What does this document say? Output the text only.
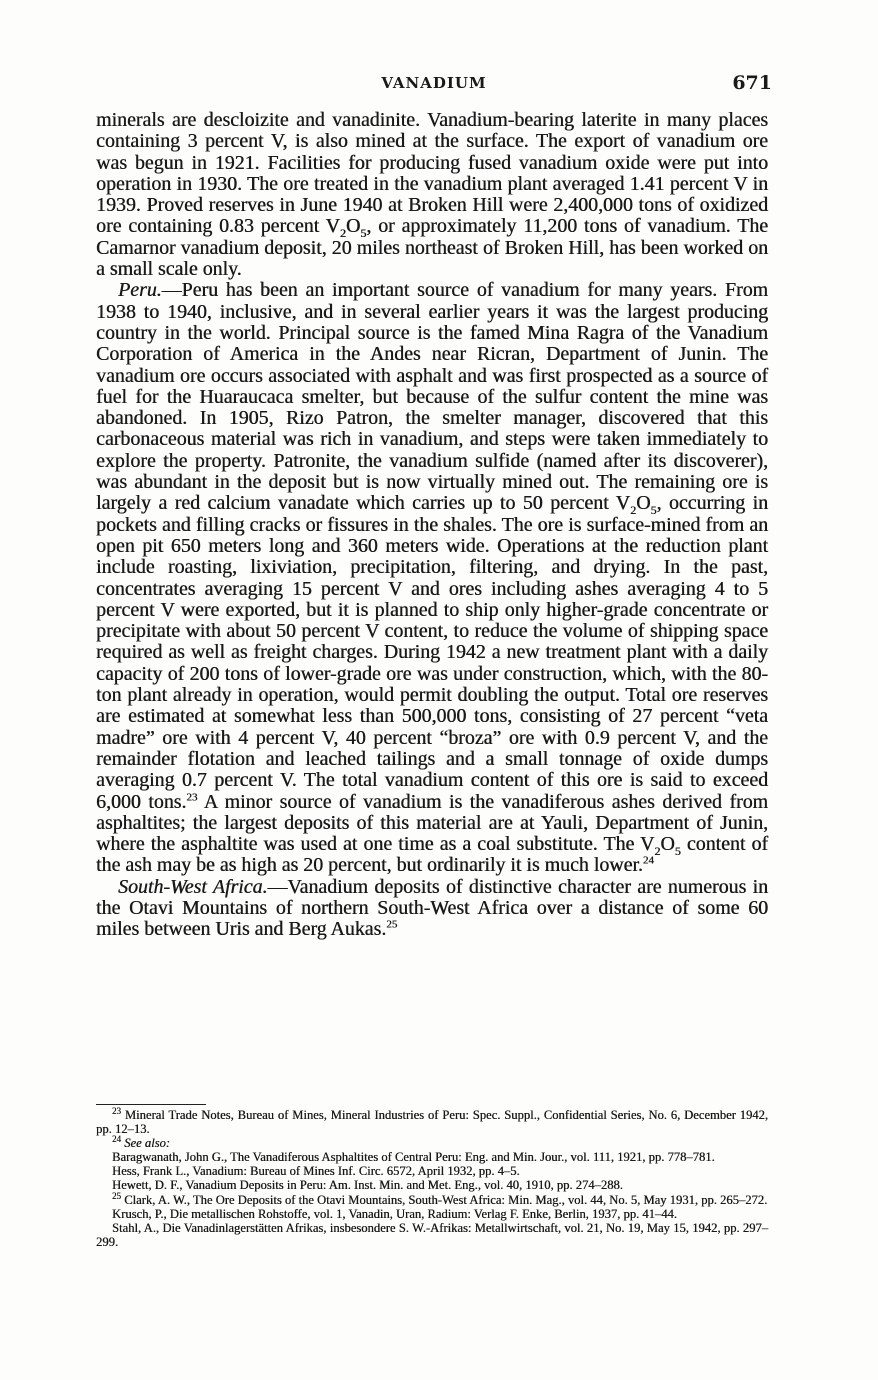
VANADIUM	671

minerals are descloizite and vanadinite. Vanadium-bearing laterite in many places containing 3 percent V, is also mined at the surface. The export of vanadium ore was begun in 1921. Facilities for producing fused vanadium oxide were put into operation in 1930. The ore treated in the vanadium plant averaged 1.41 percent V in 1939. Proved reserves in June 1940 at Broken Hill were 2,400,000 tons of oxidized ore containing 0.83 percent $V_2O_5$, or approximately 11,200 tons of vanadium. The Camarnor vanadium deposit, 20 miles northeast of Broken Hill, has been worked on a small scale only.

Peru.—Peru has been an important source of vanadium for many years. From 1938 to 1940, inclusive, and in several earlier years it was the largest producing country in the world. Principal source is the famed Mina Ragra of the Vanadium Corporation of America in the Andes near Ricran, Department of Junin. The vanadium ore occurs associated with asphalt and was first prospected as a source of fuel for the Huaraucaca smelter, but because of the sulfur content the mine was abandoned. In 1905, Rizo Patron, the smelter manager, discovered that this carbonaceous material was rich in vanadium, and steps were taken immediately to explore the property. Patronite, the vanadium sulfide (named after its discoverer), was abundant in the deposit but is now virtually mined out. The remaining ore is largely a red calcium vanadate which carries up to 50 percent $V_2O_5$, occurring in pockets and filling cracks or fissures in the shales. The ore is surface-mined from an open pit 650 meters long and 360 meters wide. Operations at the reduction plant include roasting, lixiviation, precipitation, filtering, and drying. In the past, concentrates averaging 15 percent V and ores including ashes averaging 4 to 5 percent V were exported, but it is planned to ship only higher-grade concentrate or precipitate with about 50 percent V content, to reduce the volume of shipping space required as well as freight charges. During 1942 a new treatment plant with a daily capacity of 200 tons of lower-grade ore was under construction, which, with the 80-ton plant already in operation, would permit doubling the output. Total ore reserves are estimated at somewhat less than 500,000 tons, consisting of 27 percent “veta madre” ore with 4 percent V, 40 percent “broza” ore with 0.9 percent V, and the remainder flotation and leached tailings and a small tonnage of oxide dumps averaging 0.7 percent V. The total vanadium content of this ore is said to exceed 6,000 tons.$^{23}$ A minor source of vanadium is the vanadiferous ashes derived from asphaltites; the largest deposits of this material are at Yauli, Department of Junin, where the asphaltite was used at one time as a coal substitute. The $V_2O_5$ content of the ash may be as high as 20 percent, but ordinarily it is much lower.$^{24}$

South-West Africa.—Vanadium deposits of distinctive character are numerous in the Otavi Mountains of northern South-West Africa over a distance of some 60 miles between Uris and Berg Aukas.$^{25}$

$^{23}$ Mineral Trade Notes, Bureau of Mines, Mineral Industries of Peru: Spec. Suppl., Confidential Series, No. 6, December 1942, pp. 12–13.

$^{24}$ See also:

Baragwanath, John G., The Vanadiferous Asphaltites of Central Peru: Eng. and Min. Jour., vol. 111, 1921, pp. 778–781.

Hess, Frank L., Vanadium: Bureau of Mines Inf. Circ. 6572, April 1932, pp. 4–5.

Hewett, D. F., Vanadium Deposits in Peru: Am. Inst. Min. and Met. Eng., vol. 40, 1910, pp. 274–288.

$^{25}$ Clark, A. W., The Ore Deposits of the Otavi Mountains, South-West Africa: Min. Mag., vol. 44, No. 5, May 1931, pp. 265–272.

Krusch, P., Die metallischen Rohstoffe, vol. 1, Vanadin, Uran, Radium: Verlag F. Enke, Berlin, 1937, pp. 41–44.

Stahl, A., Die Vanadinlagerstätten Afrikas, insbesondere S. W.-Afrikas: Metallwirtschaft, vol. 21, No. 19, May 15, 1942, pp. 297–299.
